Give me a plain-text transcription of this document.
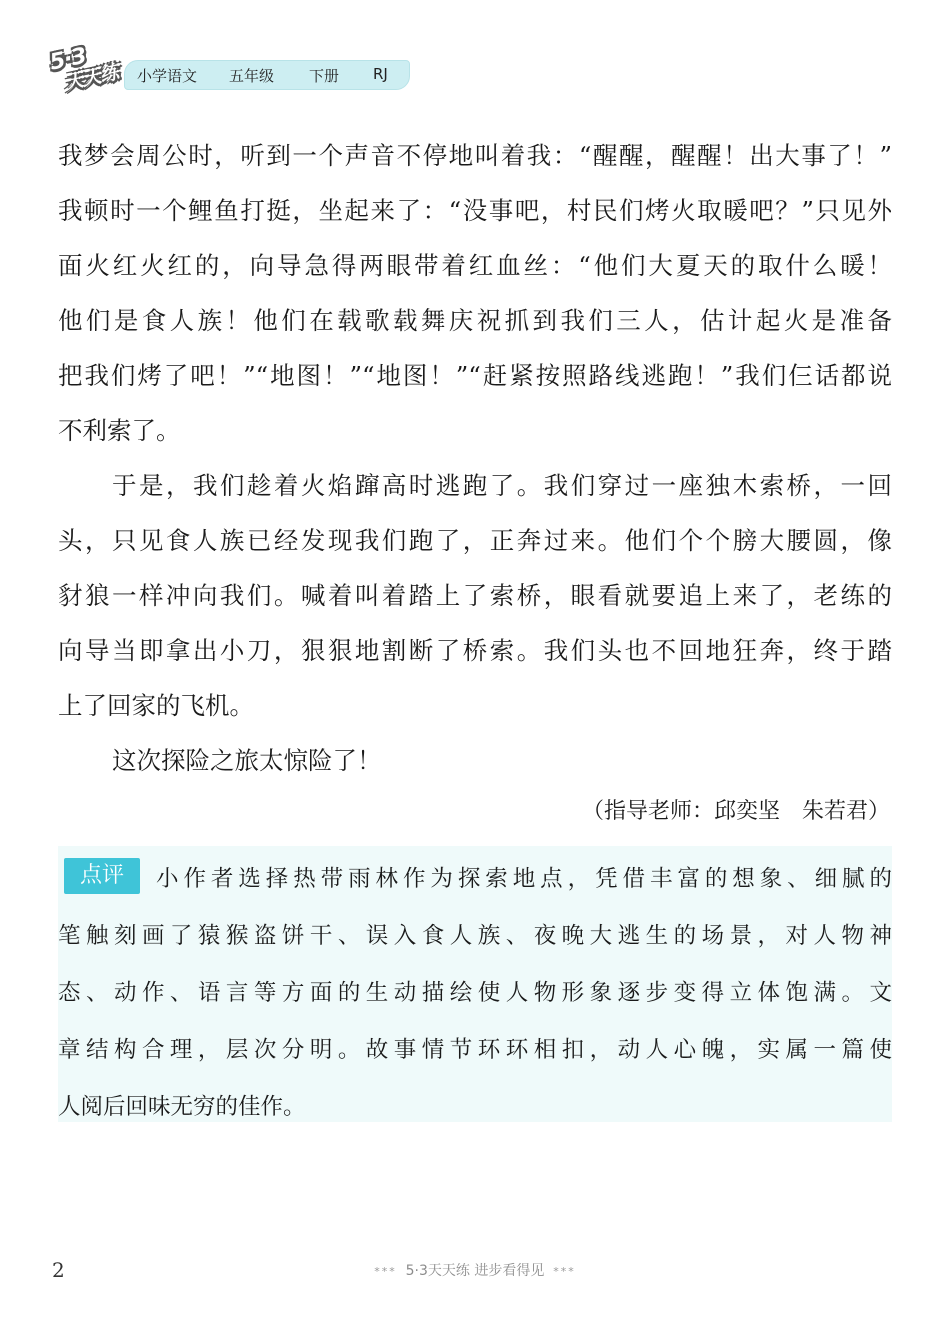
5·3
天天练 小学语文 五年级 下册 RJ

我梦会周公时，听到一个声音不停地叫着我：“醒醒，醒醒！出大事了！”
我顿时一个鲤鱼打挺，坐起来了：“没事吧，村民们烤火取暖吧？”只见外
面火红火红的，向导急得两眼带着红血丝：“他们大夏天的取什么暖！
他们是食人族！他们在载歌载舞庆祝抓到我们三人，估计起火是准备
把我们烤了吧！”“地图！”“地图！”“赶紧按照路线逃跑！”我们仨话都说
不利索了。

于是，我们趁着火焰蹿高时逃跑了。我们穿过一座独木索桥，一回
头，只见食人族已经发现我们跑了，正奔过来。他们个个膀大腰圆，像
豺狼一样冲向我们。喊着叫着踏上了索桥，眼看就要追上来了，老练的
向导当即拿出小刀，狠狠地割断了桥索。我们头也不回地狂奔，终于踏
上了回家的飞机。

这次探险之旅太惊险了！

（指导老师：邱奕坚　朱若君）
点评	小作者选择热带雨林作为探索地点，凭借丰富的想象、细腻的
笔触刻画了猿猴盗饼干、误入食人族、夜晚大逃生的场景，对人物神
态、动作、语言等方面的生动描绘使人物形象逐步变得立体饱满。文
章结构合理，层次分明。故事情节环环相扣，动人心魄，实属一篇使
人阅后回味无穷的佳作。
2	*** 5·3天天练 进步看得见 ***
